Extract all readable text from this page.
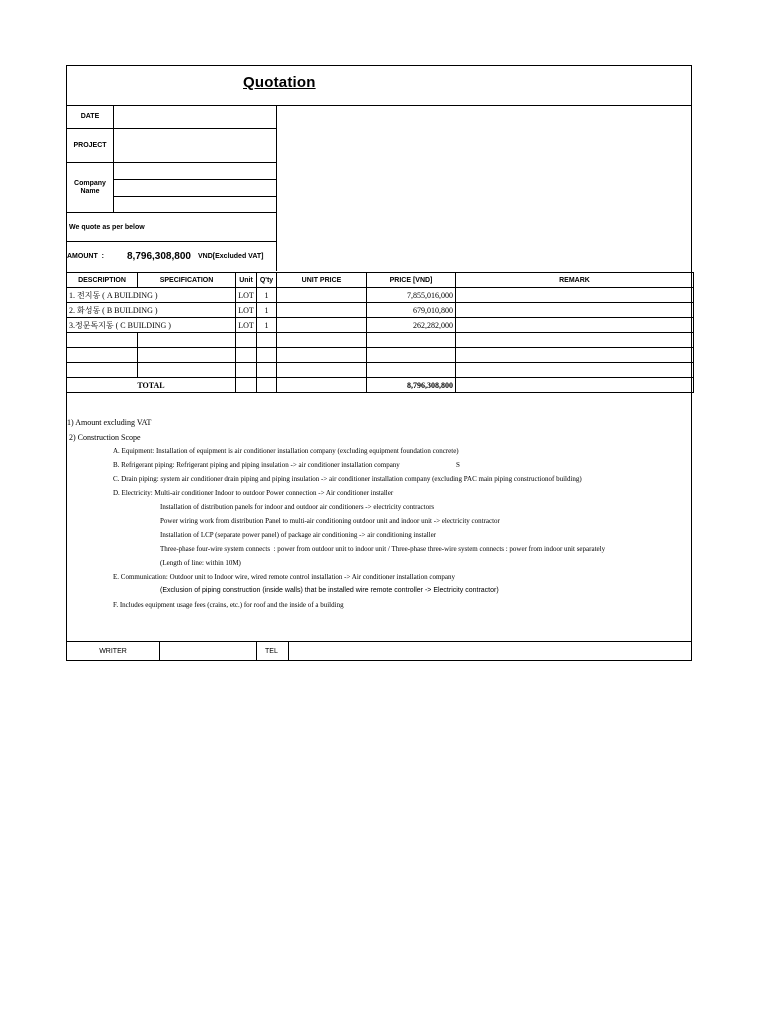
Quotation
DATE
PROJECT
Company
Name
We quote as per below
AMOUNT  : 8,796,308,800 VND[Excluded VAT]
DESCRIPTION	SPECIFICATION	Unit	Q'ty	UNIT PRICE	PRICE [VND]	REMARK
1. 전지동 ( A BUILDING )		LOT	1		7,855,016,000	
2. 화성동 ( B BUILDING )		LOT	1		679,010,800	
3.정문독지동 ( C BUILDING )		LOT	1		262,282,000	

TOTAL					8,796,308,800	
1) Amount excluding VAT
2) Construction Scope
A. Equipment: Installation of equipment is air conditioner installation company (excluding equipment foundation concrete)
B. Refrigerant piping: Refrigerant piping and piping insulation -> air conditioner installation company	S
C. Drain piping: system air conditioner drain piping and piping insulation -> air conditioner installation company (excluding PAC main piping constructionof building)
D. Electricity: Multi-air conditioner Indoor to outdoor Power connection -> Air conditioner installer
Installation of distribution panels for indoor and outdoor air conditioners -> electricity contractors
Power wiring work from distribution Panel to multi-air conditioning outdoor unit and indoor unit -> electricity contractor
Installation of LCP (separate power panel) of package air conditioning -> air conditioning installer
Three-phase four-wire system connects  : power from outdoor unit to indoor unit / Three-phase three-wire system connects : power from indoor unit separately
(Length of line: within 10M)
E. Communication: Outdoor unit to Indoor wire, wired remote control installation -> Air conditioner installation company
(Exclusion of piping construction (inside walls) that be installed wire remote controller -> Electricity contractor)
F. Includes equipment usage fees (crains, etc.) for roof and the inside of a building
WRITER	TEL
